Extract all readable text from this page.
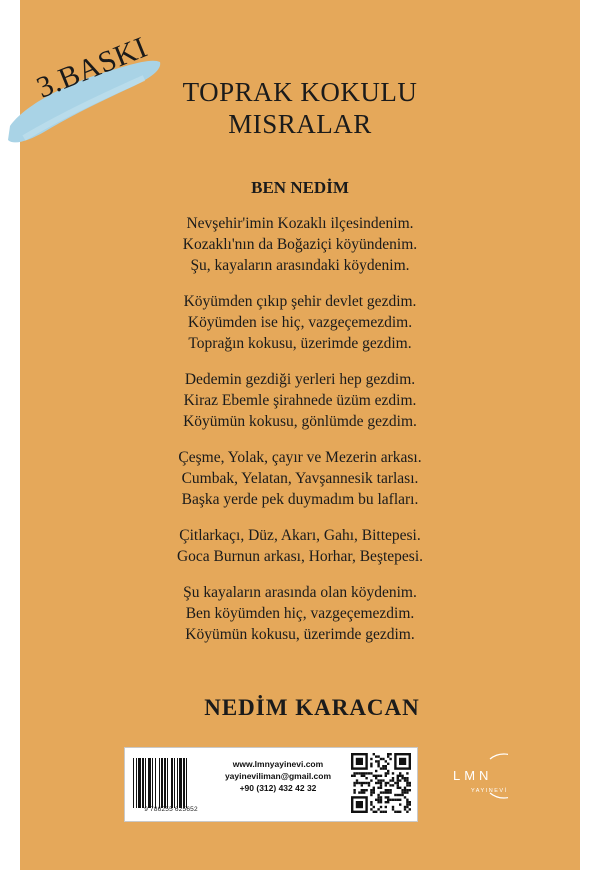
3.BASKI	TOPRAK KOKULU
MISRALAR
BEN NEDİM
Nevşehir'imin Kozaklı ilçesindenim.
Kozaklı'nın da Boğaziçi köyündenim.
Şu, kayaların arasındaki köydenim.
Köyümden çıkıp şehir devlet gezdim.
Köyümden ise hiç, vazgeçemezdim.
Toprağın kokusu, üzerimde gezdim.
Dedemin gezdiği yerleri hep gezdim.
Kiraz Ebemle şirahnede üzüm ezdim.
Köyümün kokusu, gönlümde gezdim.
Çeşme, Yolak, çayır ve Mezerin arkası.
Cumbak, Yelatan, Yavşannesik tarlası.
Başka yerde pek duymadım bu lafları.
Çitlarkaçı, Düz, Akarı, Gahı, Bittepesi.
Goca Burnun arkası, Horhar, Beştepesi.
Şu kayaların arasında olan köydenim.
Ben köyümden hiç, vazgeçemezdim.
Köyümün kokusu, üzerimde gezdim.
NEDİM KARACAN
9 786255 625652
www.lmnyayinevi.com
yayineviliman@gmail.com
+90 (312) 432 42 32
LMN
YAYINEVİ
